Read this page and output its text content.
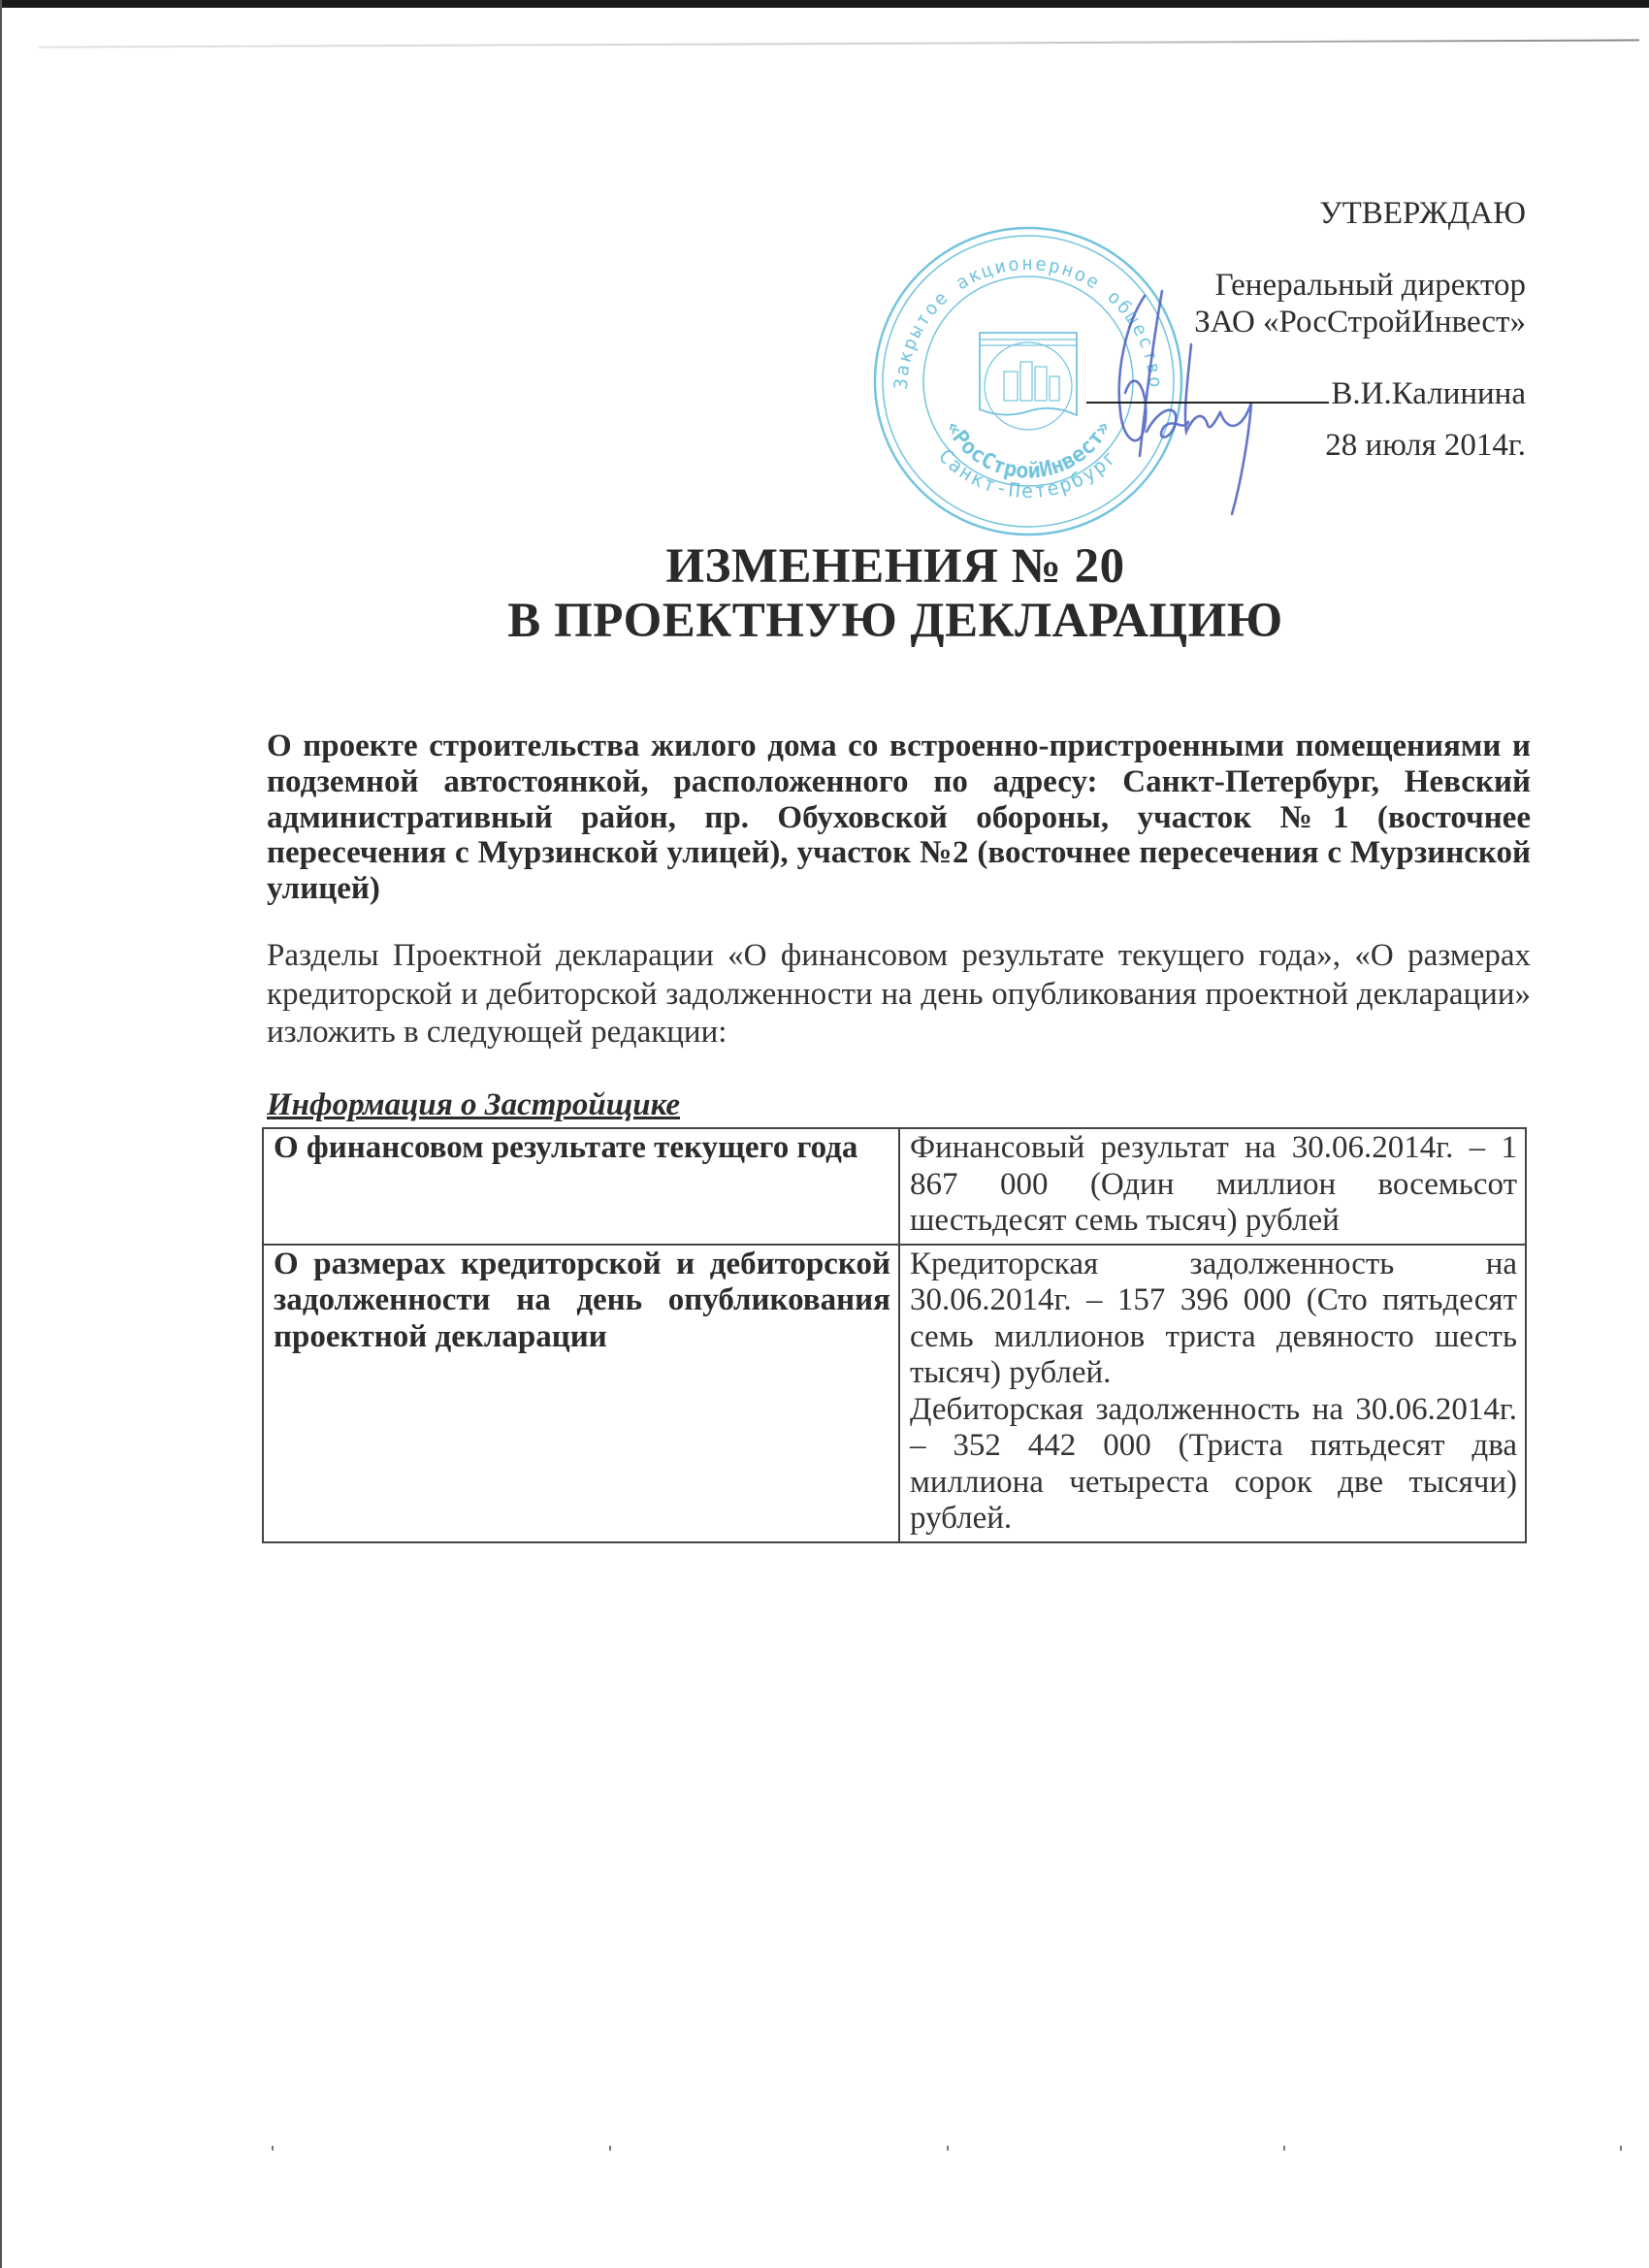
Закрытое акционерное общество
«РосСтройИнвест»
Санкт-Петербург
УТВЕРЖДАЮ
Генеральный директор
ЗАО «РосСтройИнвест»
В.И.Калинина
28 июля 2014г.
ИЗМЕНЕНИЯ № 20
В ПРОЕКТНУЮ ДЕКЛАРАЦИЮ
О проекте строительства жилого дома со встроенно-пристроенными помещениями и подземной автостоянкой, расположенного по адресу: Санкт-Петербург, Невский административный район, пр. Обуховской обороны, участок №1 (восточнее пересечения с Мурзинской улицей), участок №2 (восточнее пересечения с Мурзинской улицей)
Разделы Проектной декларации «О финансовом результате текущего года», «О размерах кредиторской и дебиторской задолженности на день опубликования проектной декларации» изложить в следующей редакции:
Информация о Застройщике
О финансовом результате текущего года	Финансовый результат на 30.06.2014г. – 1 867 000 (Один миллион восемьсот шестьдесят семь тысяч) рублей

О размерах кредиторской и дебиторской задолженности на день опубликования проектной декларации	Кредиторская задолженность на 30.06.2014г. – 157 396 000 (Сто пятьдесят семь миллионов триста девяносто шесть тысяч) рублей.
Дебиторская задолженность на 30.06.2014г. – 352 442 000 (Триста пятьдесят два миллиона четыреста сорок две тысячи) рублей.
